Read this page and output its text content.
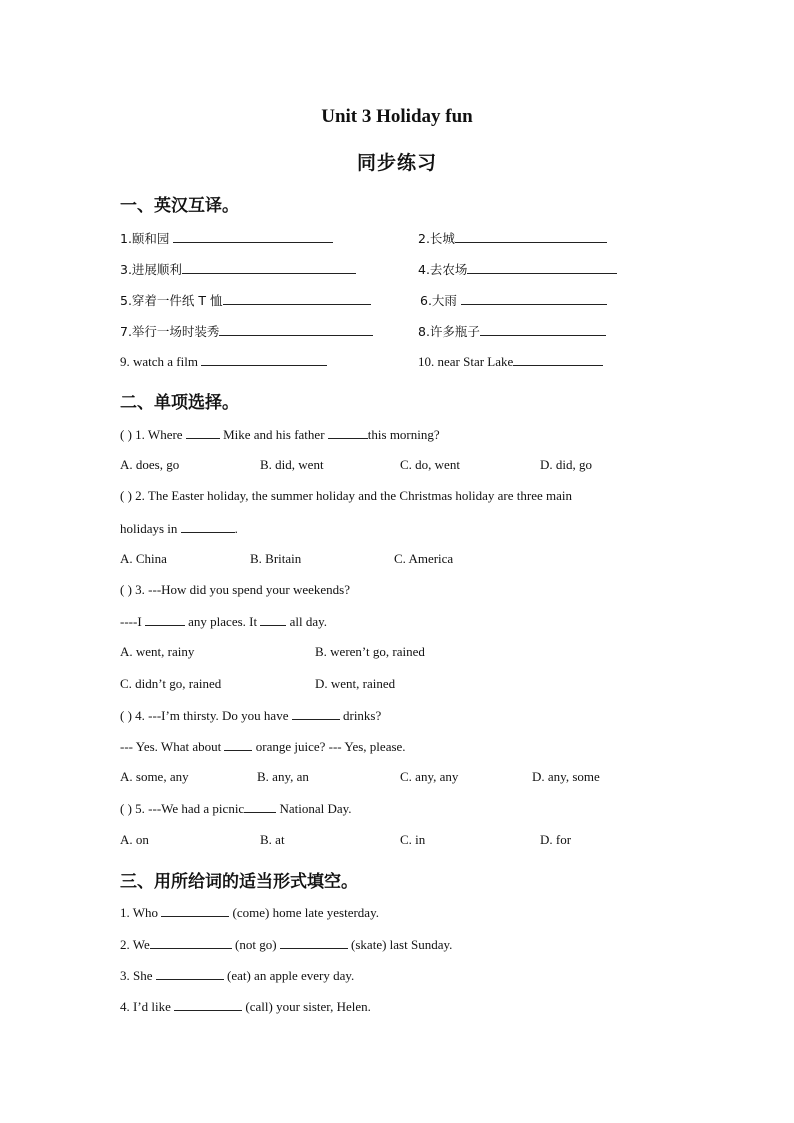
Unit 3 Holiday fun
同步练习
一、英汉互译。
1.颐和园	2.长城
3.进展顺利	4.去农场
5.穿着一件纸 T 恤	6.大雨
7.举行一场时装秀	8.许多瓶子
9. watch a film	10. near Star Lake
二、单项选择。
( ) 1. Where	Mike and his father	this morning?
A. does, go	B. did, went	C. do, went	D. did, go
( ) 2. The Easter holiday, the summer holiday and the Christmas holiday are three main
holidays in	.
A. China	B. Britain	C. America
( ) 3. ---How did you spend your weekends?
----I	any places. It  all day.
A. went, rainy	B. weren’t go, rained
C. didn’t go, rained	D. went, rained
( ) 4. ---I’m thirsty. Do you have	drinks?
--- Yes. What about  orange juice? --- Yes, please.
A. some, any	B. any, an	C. any, any	D. any, some
( ) 5. ---We had a picnic National Day.
A. on	B. at	C. in	D. for
三、用所给词的适当形式填空。
1. Who	(come) home late yesterday.
2. We	(not go)	(skate) last Sunday.
3. She	(eat) an apple every day.
4. I’d like	(call) your sister, Helen.
